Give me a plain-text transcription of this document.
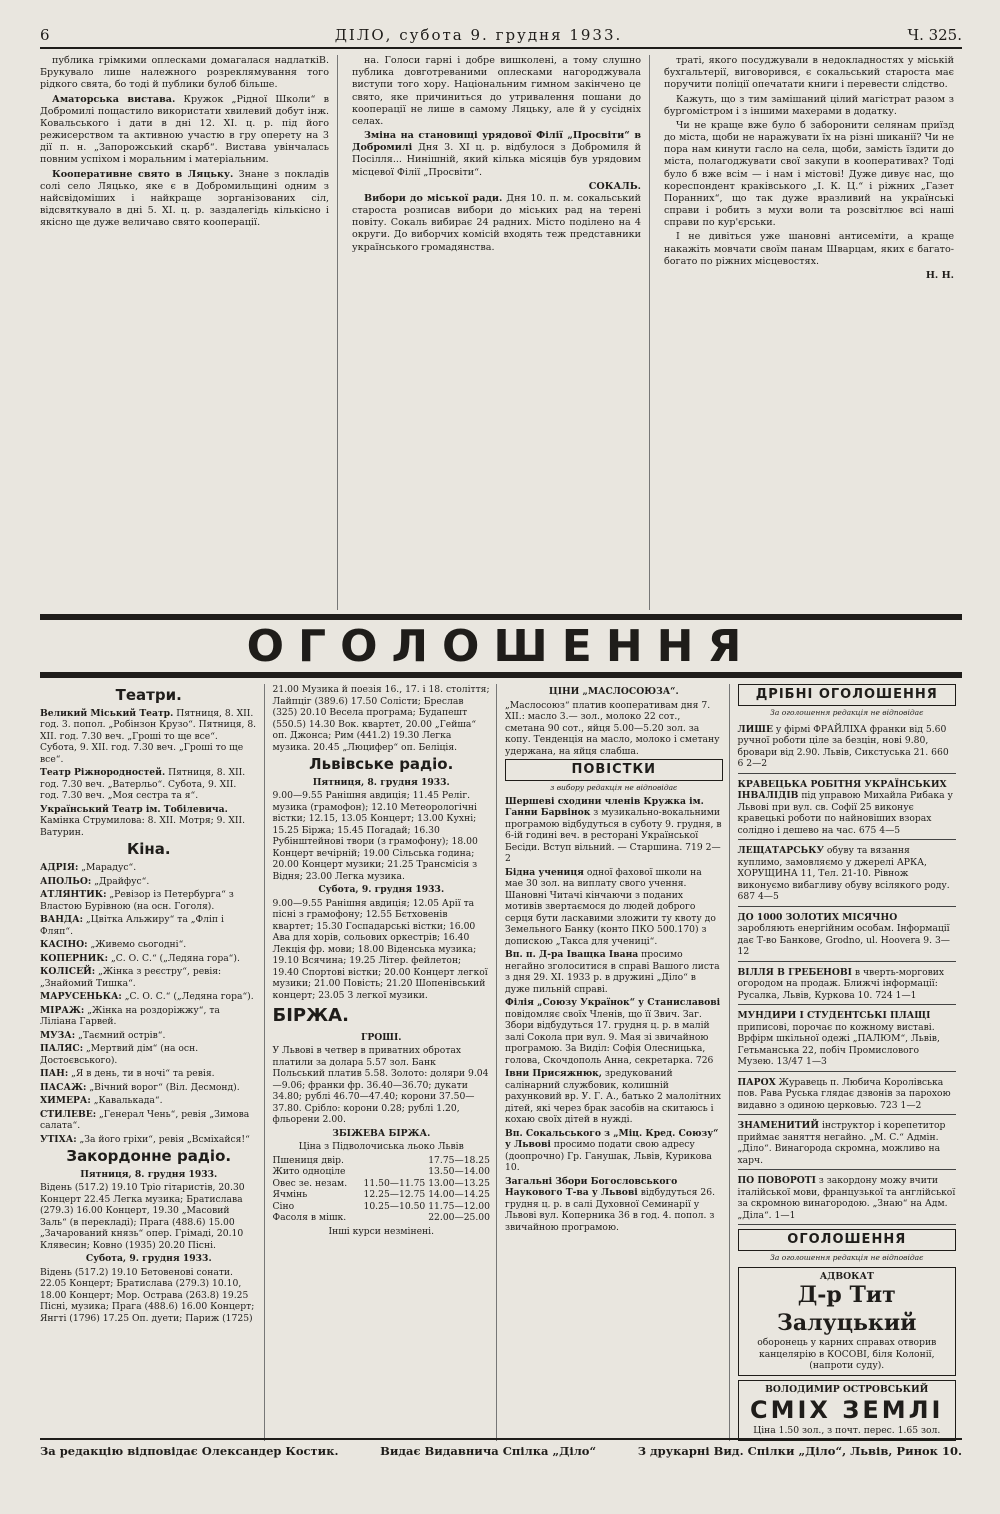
6	ДІЛО, субота 9. грудня 1933.	Ч. 325.

публика грімкими оплесками домагалася надлаткіВ. Брукувало лише належного розреклямування того рідкого свята, бо тоді й публики булоб більше.

Аматорська вистава. Кружок „Рідної Школи“ в Добромилі пощастило використати хвилевий добут інж. Ковальського і дати в дні 12. XI. ц. р. під його режисерством та активною участю в гру оперету на 3 дії п. н. „Запорожський скарб“. Вистава увінчалась повним успіхом і моральним і матеріальним.

Кооперативне свято в Ляцьку. Знане з покладів солі село Ляцько, яке є в Добромильщині одним з найсвідоміших і найкраще зорганізованих сіл, відсвяткувало в дні 5. XI. ц. р. заздалегідь кількісно і якісно ще дуже величаво свято кооперації.

на. Голоси гарні і добре вишколені, а тому слушно публика довготреваними оплесками нагороджувала виступи того хору. Національним гимном закінчено це свято, яке причиниться до утривалення пошани до кооперації не лише в самому Ляцьку, але й у сусідніх селах.

Зміна на становищі урядової Філії „Просвіти“ в Добромилі Дня 3. XI ц. р. відбулося з Добромиля й Посілля... Нинішній, який кілька місяців був урядовим місцевої Філії „Просвіти“.

СОКАЛЬ.

Вибори до міської ради. Дня 10. п. м. сокальський староста розписав вибори до міських рад на терені повіту. Сокаль вибирає 24 радних. Місто поділено на 4 округи. До виборчих комісій входять теж представники українського громадянства.

траті, якого посуджували в недокладностях у міській бухгальтерії, виговорився, є сокальський староста має поручити поліції опечатати книги і перевести слідство.

Кажуть, що з тим замішаний цілий магістрат разом з бургомістром і з іншими махерами в додатку.

Чи не краще вже було б заборонити селянам приїзд до міста, щоби не наражувати їх на різні шиканії? Чи не пора нам кинути гасло на села, щоби, замість їздити до міста, полагоджувати свої закупи в кооперативах? Тоді було б вже всім — і нам і містові! Дуже дивує нас, що кореспондент краківського „І. К. Ц.“ і ріжних „Газет Поранних“, що так дуже вразливий на українські справи і робить з мухи воли та розсвітлює всі наші справи по кур'єрськи.

І не дивіться уже шановні антисеміти, а краще накажіть мовчати своїм панам Шварцам, яких є багато-богато по ріжних місцевостях.

Н. Н.
ОГОЛОШЕННЯ
Театри.

Великий Міський Театр. Пятниця, 8. XII. год. 3. попол. „Робінзон Крузо“. Пятниця, 8. XII. год. 7.30 веч. „Гроші то ще все“. Субота, 9. XII. год. 7.30 веч. „Гроші то ще все“.

Театр Ріжнородностей. Пятниця, 8. XII. год. 7.30 веч. „Ватерльо“. Субота, 9. XII. год. 7.30 веч. „Моя сестра та я“.

Український Театр ім. Тобілевича. Камінка Струмилова: 8. XII. Мотря; 9. XII. Ватурин.

Кіна.

АДРІЯ: „Марадус“.

АПОЛЬО: „Драйфус“.

АТЛЯНТИК: „Ревізор із Петербурга“ з Властою Бурівною (на осн. Гоголя).

ВАНДА: „Цвітка Альжиру“ та „Фліп і Фляп“.

КАСІНО: „Живемо сьогодні“.

КОПЕРНИК: „С. О. С.“ („Ледяна гора“).

КОЛІСЕЙ: „Жінка з реєстру“, ревія: „Знайомий Тишка“.

МАРУСЕНЬКА: „С. О. С.“ („Ледяна гора“).

МІРАЖ: „Жінка на роздоріжжу“, та Ліліана Гарвей.

МУЗА: „Таємний острів“.

ПАЛЯС: „Мертвий дім“ (на осн. Достоєвського).

ПАН: „Я в день, ти в ночі“ та ревія.

ПАСАЖ: „Вічний ворог“ (Віл. Десмонд).

ХИМЕРА: „Кавалькада“.

СТИЛЕВЕ: „Генерал Чень“, ревія „Зимова салата“.

УТІХА: „За його гріхи“, ревія „Всміхайся!“

Закордонне радіо.
Пятниця, 8. грудня 1933.

Відень (517.2) 19.10 Тріо гітаристів, 20.30 Концерт 22.45 Легка музика; Братислава (279.3) 16.00 Концерт, 19.30 „Масовий Заль“ (в перекладі); Прага (488.6) 15.00 „Зачарований князь“ опер. Грімаді, 20.10 Клявесин; Ковно (1935) 20.20 Пісні.

Субота, 9. грудня 1933.

Відень (517.2) 19.10 Бетовенові сонати. 22.05 Концерт; Братислава (279.3) 10.10, 18.00 Концерт; Мор. Острава (263.8) 19.25 Пісні, музика; Прага (488.6) 16.00 Концерт; Янгті (1796) 17.25 Оп. дуети; Париж (1725)

21.00 Музика й поезія 16., 17. і 18. століття; Лайпціг (389.6) 17.50 Солісти; Бреслав (325) 20.10 Весела програма; Будапешт (550.5) 14.30 Вок. квартет, 20.00 „Гейша“ оп. Джонса; Рим (441.2) 19.30 Легка музика. 20.45 „Люцифер“ оп. Беліція.

Львівське радіо.
Пятниця, 8. грудня 1933.

9.00—9.55 Ранішня авдиція; 11.45 Реліг. музика (грамофон); 12.10 Метеорологічні вістки; 12.15, 13.05 Концерт; 13.00 Кухні; 15.25 Біржа; 15.45 Погадай; 16.30 Рубінштейнові твори (з грамофону); 18.00 Концерт вечірній; 19.00 Сільська година; 20.00 Концерт музики; 21.25 Трансмісія з Відня; 23.00 Легка музика.

Субота, 9. грудня 1933.

9.00—9.55 Ранішня авдиція; 12.05 Арії та пісні з грамофону; 12.55 Бєтховенів квартет; 15.30 Госпадарські вістки; 16.00 Ава для хорів, сольових оркестрів; 16.40 Лекція фр. мови; 18.00 Віденська музика; 19.10 Всячина; 19.25 Літер. фейлетон; 19.40 Спортові вістки; 20.00 Концерт легкої музики; 21.00 Повість; 21.20 Шопенівський концерт; 23.05 З легкої музики.

БІРЖА.
ГРОШІ.

У Львові в четвер в приватних обротах платили за долара 5.57 зол. Банк Польський платив 5.58. Золото: доляри 9.04—9.06; франки фр. 36.40—36.70; дукати 34.80; рублі 46.70—47.40; корони 37.50—37.80. Срібло: корони 0.28; рублі 1.20, фльорени 2.00.

ЗБІЖЕВА БІРЖА.
Ціна з Підволочиська льоко Львів
Пшениця двір.	17.75—18.25
Жито одноцілe	13.50—14.00
Овес зе. незам. 11.50—11.75 13.00—13.25
Ячмінь	12.25—12.75 14.00—14.25
Сіно	10.25—10.50 11.75—12.00
Фасоля в мішк.	22.00—25.00
Інші курси незмінені.
ЦІНИ „МАСЛОСОЮЗА“.

„Маслосоюз“ платив кооперативам дня 7. XII.: масло 3.— зол., молоко 22 сот., сметана 90 сот., яйця 5.00—5.20 зол. за копу. Тенденція на масло, молоко і сметану удержана, на яйця слабша.

ПОВІСТКИ
з вибору редакція не відповідає

Шершеві сходини членів Кружка ім. Ганни Барвінок з музикально-вокальними програмою відбудуться в суботу 9. грудня, в 6-ій годині веч. в ресторані Української Бесіди. Вступ вільний. — Старшина. 719 2—2

Бідна учениця одної фахової школи на мае 30 зол. на виплату свого учення. Шановні Читачі кінчаючи з поданих мотивів звертаємося до людей доброго серця бути ласкавими зложити ту квоту до Земельного Банку (конто ПКО 500.170) з допискою „Такса для учениці“.

Вп. п. Д-ра Іващка Івана просимо негайно зголоситися в справі Вашого листа з дня 29. XI. 1933 р. в дружині „Діло“ в дуже пильній справі.

Філія „Союзу Українок“ у Станиславові повідомляє своїх Членів, що її Звич. Заг. Збори відбудуться 17. грудня ц. р. в малій залі Сокола при вул. 9. Мая зі звичайною програмою. За Виділ: Софія Олесницька, голова, Скочдополь Анна, секретарка. 726

Івни Присяжнюк, зредукований салінарний службовик, колишній рахунковий вр. У. Г. А., батько 2 малолітних дітей, які через брак засобів на скитаюсь і кохаю своїх дітей в нужді.

Вп. Сокальського з „Міц. Кред. Союзу“ у Львові просимо подати свою адресу (доопрочно) Гр. Ганушак, Львів, Курикова 10.

Загальні Збори Богословського Наукового Т-ва у Львові відбудуться 26. грудня ц. р. в салі Духовної Семинарії у Львові вул. Коперника 36 в год. 4. попол. з звичайною програмою.

ДРІБНІ ОГОЛОШЕННЯ
За оголошення редакція не відповідає

ЛИШЕ у фірмі ФРАЙЛІХА франки від 5.60 ручної роботи ціле за безцін, нові 9.80, бровари від 2.90. Львів, Сикстуська 21. 660 6 2—2

КРАВЕЦЬКА РОБІТНЯ УКРАЇНСЬКИХ ІНВАЛІДІВ під управою Михайла Рибака у Львові при вул. св. Софії 25 виконує кравецькі роботи по найновіших взорах солідно і дешево на час. 675 4—5

ЛЕЩАТАРСЬКУ обуву та вязання куплимо, замовляємо у джерелі АРКА, ХОРУЩИНА 11, Тел. 21-10. Рівнож виконуємо вибагливу обуву всілякого роду. 687 4—5

ДО 1000 ЗОЛОТИХ МІСЯЧНО заробляють енергійним особам. Інформації дає Т-во Банкове, Grodno, ul. Hoovera 9. 3—12

ВІЛЛЯ В ГРЕБЕНОВІ в чверть-моргових огородом на продаж. Ближчі інформації: Русалка, Львів, Куркова 10. 724 1—1

МУНДИРИ І СТУДЕНТСЬКІ ПЛАЩІ приписові, порочає по кожному виставі. Врфірм шкільної одежі „ПАЛЮМ“, Львів, Гетьманська 22, побіч Промислового Музею. 13/47 1—3

ПАРОХ Журавець п. Любича Королівська пов. Рава Руська глядає дзвонів за парохою видавно з одиною церковью. 723 1—2

ЗНАМЕНИТИЙ інструктор і корепетитор приймає заняття негайно. „М. С.“ Адмін. „Діло“. Винагорода скромна, можливо на харч.

ПО ПОВОРОТІ з закордону можу вчити італійської мови, французької та англійської за скромною винагородою. „Знаю“ на Адм. „Діла“. 1—1

ОГОЛОШЕННЯ
За оголошення редакція не відповідає
АДВОКАТ
Д-р Тит Залуцький
оборонець у карних справах отворив канцелярію в КОСОВІ, біля Колонії, (напроти суду).
ВОЛОДИМИР ОСТРОВСЬКИЙ
СМІХ ЗЕМЛІ
Ціна 1.50 зол., з почт. перес. 1.65 зол.
За редакцію відповідає Олександер Костик.	Видає Видавнича Спілка „Діло“	З друкарні Вид. Спілки „Діло“, Львів, Ринок 10.
